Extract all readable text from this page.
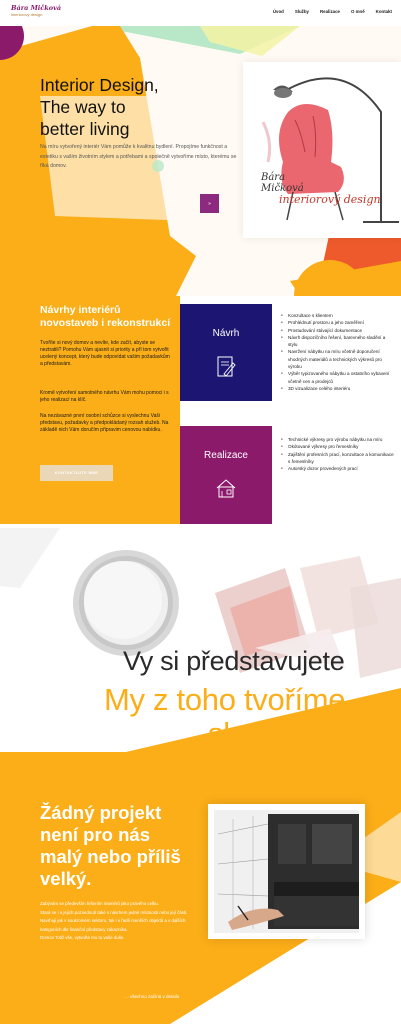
Bára Mičková
interiorový design
Úvod	Služby	Realizace	O mně	Kontakt
Interior Design,
The way to
better living

Na míru vytvořený interiér Vám pomůže k kvalitnu bydlení. Propojíme funkčnost a estetiku s vaším životním stylem a potřebami a společně vytvoříme místo, kterému se říká domov.

»
Bára
Mičková
interiorový design
Návrhy interiérů novostaveb i rekonstrukcí

Tvoříte si nový domov a nevíte, kde začít, abyste se neztratili? Pomohu Vám ujasnit si priority a pří tom vytvořit ucelený koncept, který bude odpovídat vašim požadavkům a představám.

Kromě vytvoření samotného návrhu Vám mohu pomoci i s jeho realizací na klíč.

Na nezávazné první osobní schůzce si vyslechnu Vaši představu, požadavky a předpokládaný rozsah služeb. Na základě nich Vám doručím připravim cenovou nabídku.

KONTAKTUJTE MNE
Návrh
Realizace
● Konzultace s klientem
● Prohlédnutí prostoru a jeho zaměření
● Prostudování stávající dokumentace
● Návrh dispozičního řešení, barevného sladění a stylu
● Navržení nábytku na míru včetně doporučení vhodných materiálů a technických výkresů pro výrobu
● Výběr typizovaného nábytku a ostatního vybavení včetně cen a prodejců
● 3D vizualizace celého interiéru
● Technické výkresy pro výrobu nábytku na míru
● Okótované výkresy pro řemeslníky
● Zajištění profesních prací, konzultace a komunikace s řemeslníky
● Autorský dozor provedených prací
Vy si představujete
My z toho tvoříme
skutečnost
Žádný projekt
není pro nás
malý nebo příliš
velký.

Zabývám se především řešením interiérů jako pravého celku.

Stará se i o jejich pozvednutí také s návrhem jedné místnosti nebo její části.

Navrhuji jak v soukromém sektoru, tak i v řadě menších objektů a v dalších kategoriích dle finanční představy zákazníka.

Domov Totiž vše, vytvořte mu tu vaše duše.

... všechno začíná v detailu
